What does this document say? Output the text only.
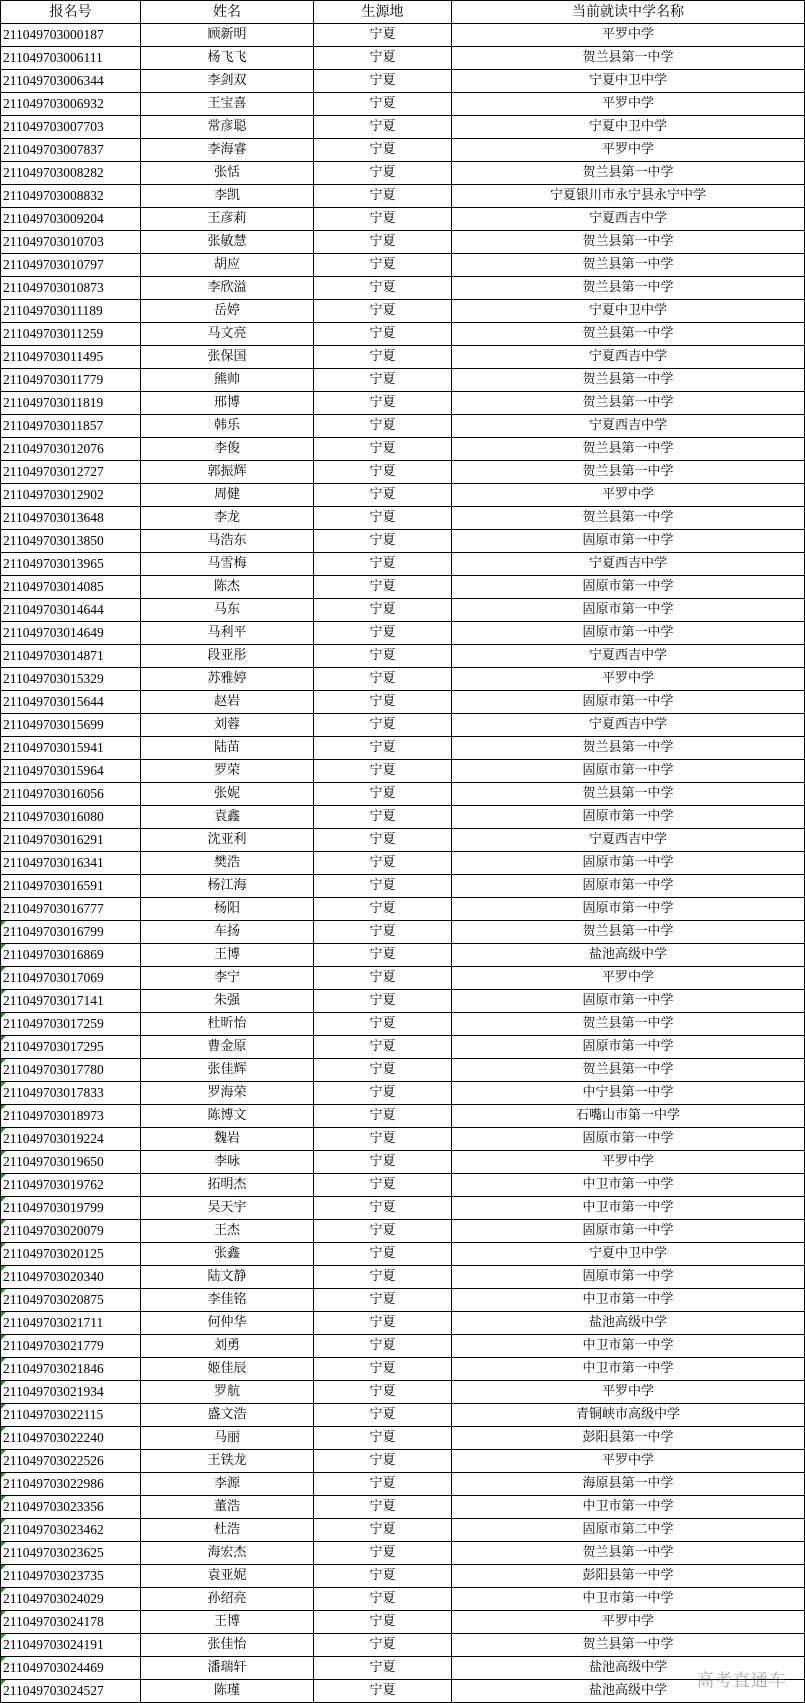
报名号	姓名	生源地	当前就读中学名称
211049703000187	顾新明	宁夏	平罗中学
211049703006111	杨飞飞	宁夏	贺兰县第一中学
211049703006344	李剑双	宁夏	宁夏中卫中学
211049703006932	王宝喜	宁夏	平罗中学
211049703007703	常彦聪	宁夏	宁夏中卫中学
211049703007837	李海睿	宁夏	平罗中学
211049703008282	张恬	宁夏	贺兰县第一中学
211049703008832	李凯	宁夏	宁夏银川市永宁县永宁中学
211049703009204	王彦莉	宁夏	宁夏西吉中学
211049703010703	张敏慧	宁夏	贺兰县第一中学
211049703010797	胡应	宁夏	贺兰县第一中学
211049703010873	李欣溢	宁夏	贺兰县第一中学
211049703011189	岳婷	宁夏	宁夏中卫中学
211049703011259	马文亮	宁夏	贺兰县第一中学
211049703011495	张保国	宁夏	宁夏西吉中学
211049703011779	熊帅	宁夏	贺兰县第一中学
211049703011819	邢博	宁夏	贺兰县第一中学
211049703011857	韩乐	宁夏	宁夏西吉中学
211049703012076	李俊	宁夏	贺兰县第一中学
211049703012727	郭振辉	宁夏	贺兰县第一中学
211049703012902	周健	宁夏	平罗中学
211049703013648	李龙	宁夏	贺兰县第一中学
211049703013850	马浩东	宁夏	固原市第一中学
211049703013965	马雪梅	宁夏	宁夏西吉中学
211049703014085	陈杰	宁夏	固原市第一中学
211049703014644	马东	宁夏	固原市第一中学
211049703014649	马利平	宁夏	固原市第一中学
211049703014871	段亚彤	宁夏	宁夏西吉中学
211049703015329	苏雅婷	宁夏	平罗中学
211049703015644	赵岩	宁夏	固原市第一中学
211049703015699	刘蓉	宁夏	宁夏西吉中学
211049703015941	陆苗	宁夏	贺兰县第一中学
211049703015964	罗荣	宁夏	固原市第一中学
211049703016056	张妮	宁夏	贺兰县第一中学
211049703016080	袁鑫	宁夏	固原市第一中学
211049703016291	沈亚利	宁夏	宁夏西吉中学
211049703016341	樊浩	宁夏	固原市第一中学
211049703016591	杨江海	宁夏	固原市第一中学
211049703016777	杨阳	宁夏	固原市第一中学
211049703016799	车扬	宁夏	贺兰县第一中学
211049703016869	王博	宁夏	盐池高级中学
211049703017069	李宁	宁夏	平罗中学
211049703017141	朱强	宁夏	固原市第一中学
211049703017259	杜昕怡	宁夏	贺兰县第一中学
211049703017295	曹金原	宁夏	固原市第一中学
211049703017780	张佳辉	宁夏	贺兰县第一中学
211049703017833	罗海荣	宁夏	中宁县第一中学
211049703018973	陈博文	宁夏	石嘴山市第一中学
211049703019224	魏岩	宁夏	固原市第一中学
211049703019650	李咏	宁夏	平罗中学
211049703019762	拓明杰	宁夏	中卫市第一中学
211049703019799	吴天宇	宁夏	中卫市第一中学
211049703020079	王杰	宁夏	固原市第一中学
211049703020125	张鑫	宁夏	宁夏中卫中学
211049703020340	陆文静	宁夏	固原市第一中学
211049703020875	李佳铭	宁夏	中卫市第一中学
211049703021711	何仲华	宁夏	盐池高级中学
211049703021779	刘勇	宁夏	中卫市第一中学
211049703021846	姬佳辰	宁夏	中卫市第一中学
211049703021934	罗航	宁夏	平罗中学
211049703022115	盛文浩	宁夏	青铜峡市高级中学
211049703022240	马丽	宁夏	彭阳县第一中学
211049703022526	王铁龙	宁夏	平罗中学
211049703022986	李源	宁夏	海原县第一中学
211049703023356	董浩	宁夏	中卫市第一中学
211049703023462	杜浩	宁夏	固原市第二中学
211049703023625	海宏杰	宁夏	贺兰县第一中学
211049703023735	袁亚妮	宁夏	彭阳县第一中学
211049703024029	孙绍亮	宁夏	中卫市第一中学
211049703024178	王博	宁夏	平罗中学
211049703024191	张佳怡	宁夏	贺兰县第一中学
211049703024469	潘瑞轩	宁夏	盐池高级中学
211049703024527	陈瑾	宁夏	盐池高级中学 高考直通车
